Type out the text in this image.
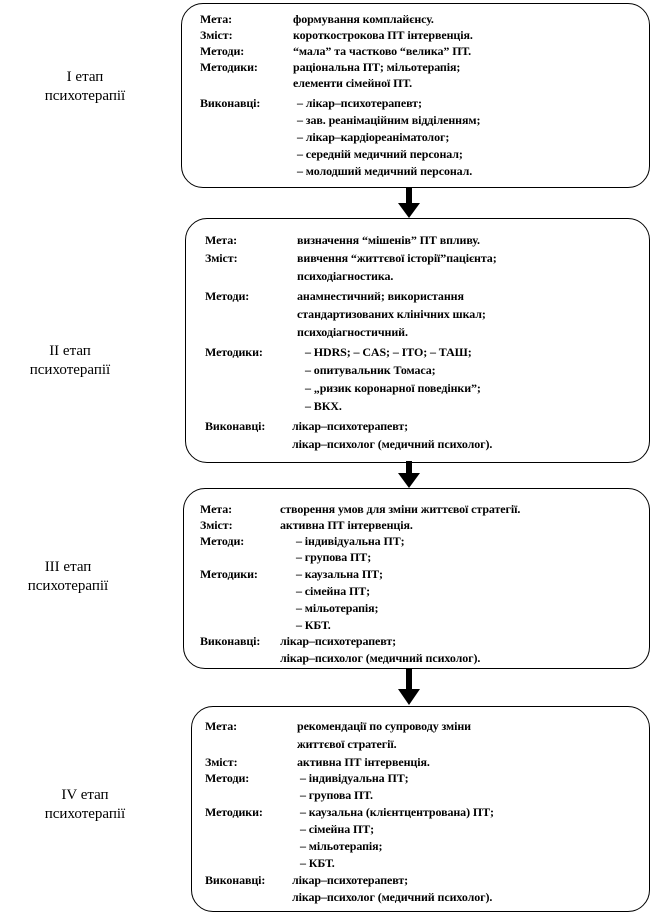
I етап
психотерапії
II етап
психотерапії
III етап
психотерапії
IV етап
психотерапії
Мета:	формування комплайєнсу.
Зміст:	короткострокова ПТ інтервенція.
Методи:	“мала” та частково “велика” ПТ.
Методики:	раціональна ПТ; мільотерапія;
елементи сімейної ПТ.
Виконавці:	– лікар–психотерапевт;
– зав. реанімаційним відділенням;
– лікар–кардіореаніматолог;
– середній медичний персонал;
– молодший медичний персонал.
Мета:	визначення “мішенів” ПТ впливу.
Зміст:	вивчення “життєвої історії”пацієнта;
психодіагностика.
Методи:	анамнестичний; використання
стандартизованих клінічних шкал;
психодіагностичний.
Методики:	– HDRS; – CAS; – ІТО; – ТАШ;
– опитувальник Томаса;
– „ризик коронарної поведінки”;
– ВКХ.
Виконавці: лікар–психотерапевт;
лікар–психолог (медичний психолог).
Мета:	створення умов для зміни життєвої стратегії.
Зміст:	активна ПТ інтервенція.
Методи:	– індивідуальна ПТ;
– групова ПТ;
Методики:	– каузальна ПТ;
– сімейна ПТ;
– мільотерапія;
– КБТ.
Виконавці: лікар–психотерапевт;
лікар–психолог (медичний психолог).
Мета:	рекомендації по супроводу зміни
життєвої стратегії.
Зміст:	активна ПТ інтервенція.
Методи:	– індивідуальна ПТ;
– групова ПТ.
Методики:	– каузальна (клієнтцентрована) ПТ;
– сімейна ПТ;
– мільотерапія;
– КБТ.
Виконавці: лікар–психотерапевт;
лікар–психолог (медичний психолог).
